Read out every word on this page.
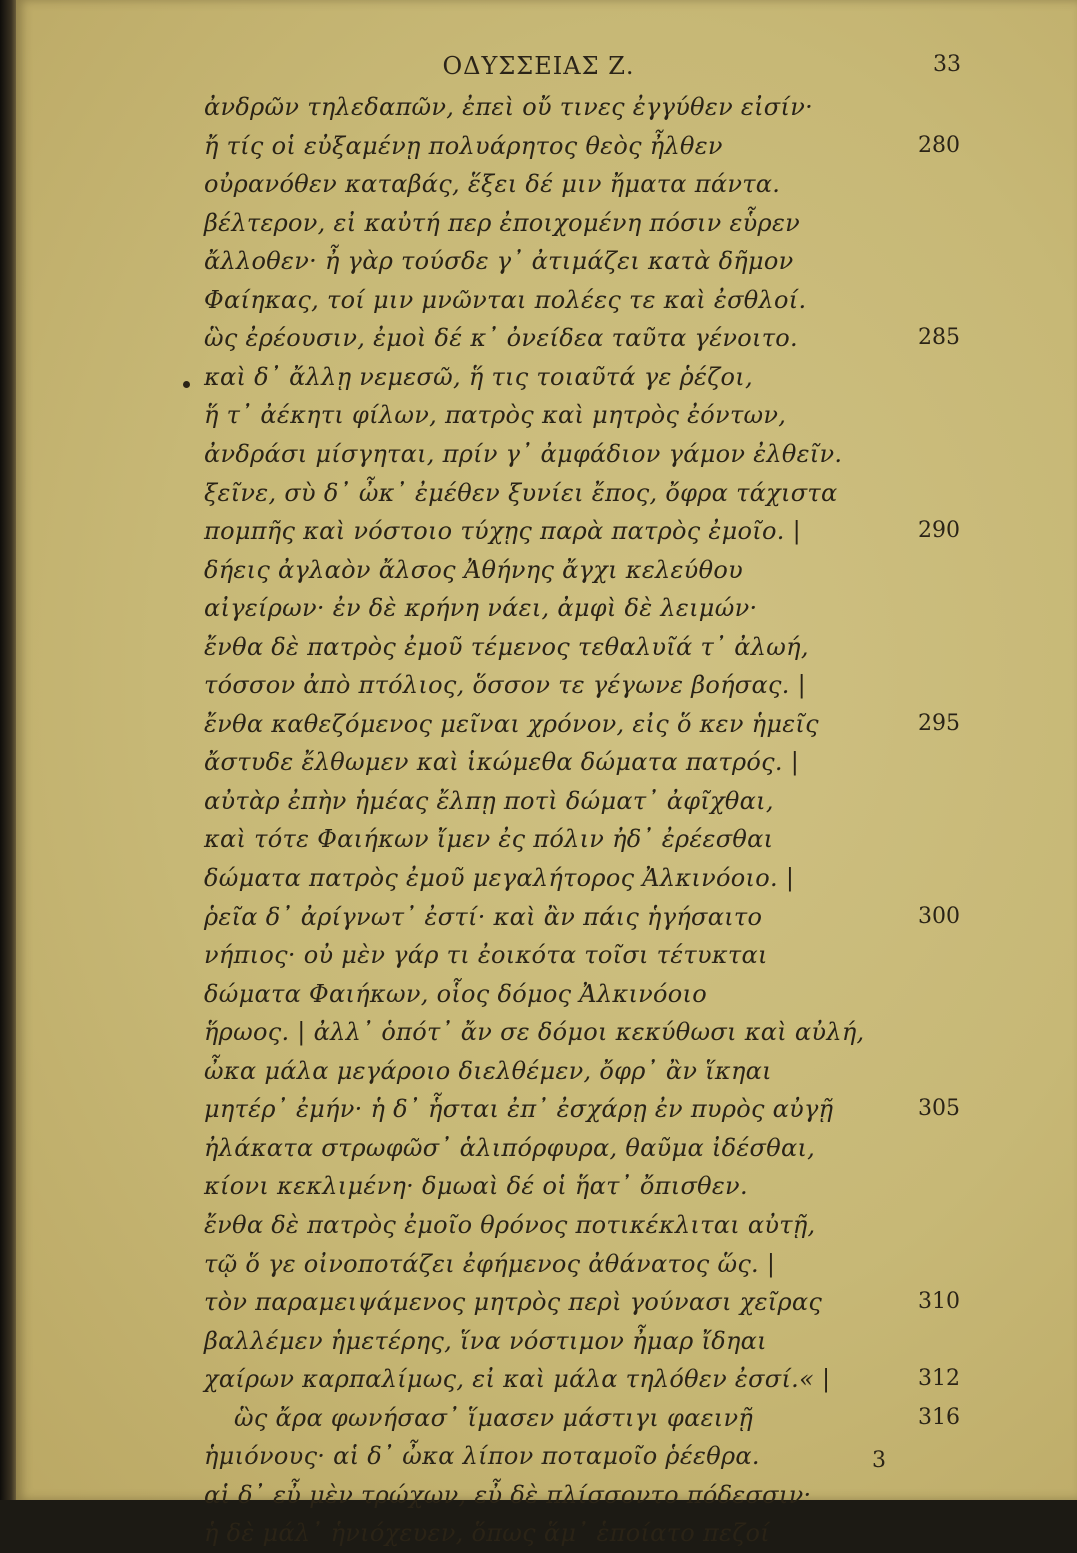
ΟΔΥΣΣΕΙΑΣ Ζ.	33
ἀνδρῶν τηλεδαπῶν, ἐπεὶ οὔ τινες ἐγγύθεν εἰσίν·
ἤ τίς οἱ εὐξαμένῃ πολυάρητος θεὸς ἦλθεν	280
οὐρανόθεν καταβάς, ἕξει δέ μιν ἤματα πάντα.
βέλτερον, εἰ καὐτή περ ἐποιχομένη πόσιν εὗρεν
ἄλλοθεν· ἦ γὰρ τούσδε γ᾽ ἀτιμάζει κατὰ δῆμον
Φαίηκας, τοί μιν μνῶνται πολέες τε καὶ ἐσθλοί.
ὣς ἐρέουσιν, ἐμοὶ δέ κ᾽ ὀνείδεα ταῦτα γένοιτο.	285
καὶ δ᾽ ἄλλῃ νεμεσῶ, ἥ τις τοιαῦτά γε ῥέζοι,
ἥ τ᾽ ἀέκητι φίλων, πατρὸς καὶ μητρὸς ἐόντων,
ἀνδράσι μίσγηται, πρίν γ᾽ ἀμφάδιον γάμον ἐλθεῖν.
ξεῖνε, σὺ δ᾽ ὦκ᾽ ἐμέθεν ξυνίει ἔπος, ὄφρα τάχιστα
πομπῆς καὶ νόστοιο τύχῃς παρὰ πατρὸς ἐμοῖο. |	290
δήεις ἀγλαὸν ἄλσος Ἀθήνης ἄγχι κελεύθου
αἰγείρων· ἐν δὲ κρήνη νάει, ἀμφὶ δὲ λειμών·
ἔνθα δὲ πατρὸς ἐμοῦ τέμενος τεθαλυῖά τ᾽ ἀλωή,
τόσσον ἀπὸ πτόλιος, ὅσσον τε γέγωνε βοήσας. |
ἔνθα καθεζόμενος μεῖναι χρόνον, εἰς ὅ κεν ἡμεῖς	295
ἄστυδε ἔλθωμεν καὶ ἱκώμεθα δώματα πατρός. |
αὐτὰρ ἐπὴν ἡμέας ἔλπῃ ποτὶ δώματ᾽ ἀφῖχθαι,
καὶ τότε Φαιήκων ἴμεν ἐς πόλιν ἠδ᾽ ἐρέεσθαι
δώματα πατρὸς ἐμοῦ μεγαλήτορος Ἀλκινόοιο. |
ῥεῖα δ᾽ ἀρίγνωτ᾽ ἐστί· καὶ ἂν πάις ἡγήσαιτο	300
νήπιος· οὐ μὲν γάρ τι ἐοικότα τοῖσι τέτυκται
δώματα Φαιήκων, οἷος δόμος Ἀλκινόοιο
ἥρωος. | ἀλλ᾽ ὁπότ᾽ ἄν σε δόμοι κεκύθωσι καὶ αὐλή,
ὦκα μάλα μεγάροιο διελθέμεν, ὄφρ᾽ ἂν ἵκηαι
μητέρ᾽ ἐμήν· ἡ δ᾽ ἧσται ἐπ᾽ ἐσχάρῃ ἐν πυρὸς αὐγῇ	305
ἠλάκατα στρωφῶσ᾽ ἁλιπόρφυρα, θαῦμα ἰδέσθαι,
κίονι κεκλιμένη· δμωαὶ δέ οἱ ἥατ᾽ ὄπισθεν.
ἔνθα δὲ πατρὸς ἐμοῖο θρόνος ποτικέκλιται αὐτῇ,
τῷ ὅ γε οἰνοποτάζει ἐφήμενος ἀθάνατος ὥς. |
τὸν παραμειψάμενος μητρὸς περὶ γούνασι χεῖρας	310
βαλλέμεν ἡμετέρης, ἵνα νόστιμον ἦμαρ ἴδηαι
χαίρων καρπαλίμως, εἰ καὶ μάλα τηλόθεν ἐσσί.« |	312
ὣς ἄρα φωνήσασ᾽ ἵμασεν μάστιγι φαεινῇ	316
ἡμιόνους· αἱ δ᾽ ὦκα λίπον ποταμοῖο ῥέεθρα.
αἱ δ᾽ εὖ μὲν τρώχων, εὖ δὲ πλίσσοντο πόδεσσιν·
ἡ δὲ μάλ᾽ ἡνιόχευεν, ὅπως ἅμ᾽ ἑποίατο πεζοί
3
